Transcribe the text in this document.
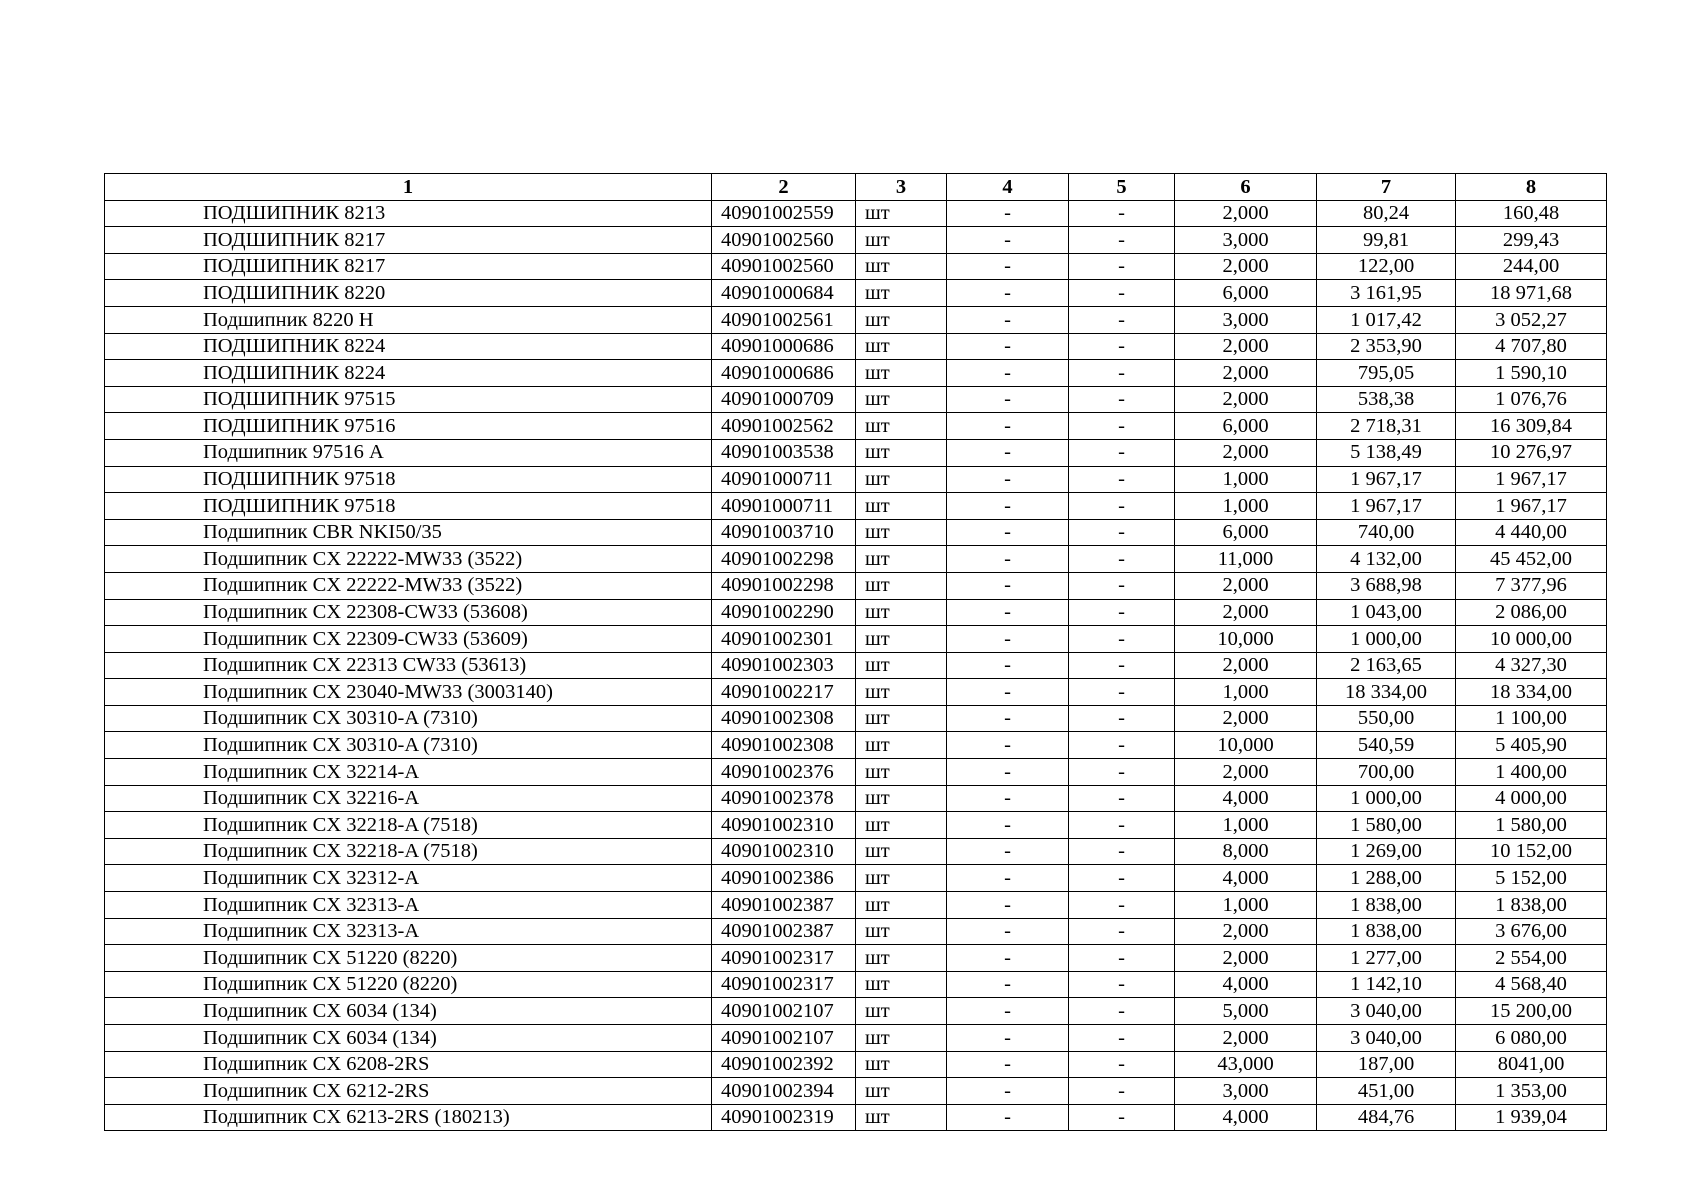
1	2	3	4	5	6	7	8
ПОДШИПНИК 8213	40901002559	шт	-	-	2,000	80,24	160,48
ПОДШИПНИК 8217	40901002560	шт	-	-	3,000	99,81	299,43
ПОДШИПНИК 8217	40901002560	шт	-	-	2,000	122,00	244,00
ПОДШИПНИК 8220	40901000684	шт	-	-	6,000	3 161,95	18 971,68
Подшипник 8220 Н	40901002561	шт	-	-	3,000	1 017,42	3 052,27
ПОДШИПНИК 8224	40901000686	шт	-	-	2,000	2 353,90	4 707,80
ПОДШИПНИК 8224	40901000686	шт	-	-	2,000	795,05	1 590,10
ПОДШИПНИК 97515	40901000709	шт	-	-	2,000	538,38	1 076,76
ПОДШИПНИК 97516	40901002562	шт	-	-	6,000	2 718,31	16 309,84
Подшипник 97516 А	40901003538	шт	-	-	2,000	5 138,49	10 276,97
ПОДШИПНИК 97518	40901000711	шт	-	-	1,000	1 967,17	1 967,17
ПОДШИПНИК 97518	40901000711	шт	-	-	1,000	1 967,17	1 967,17
Подшипник CBR NKI50/35	40901003710	шт	-	-	6,000	740,00	4 440,00
Подшипник CX 22222-MW33 (3522)	40901002298	шт	-	-	11,000	4 132,00	45 452,00
Подшипник CX 22222-MW33 (3522)	40901002298	шт	-	-	2,000	3 688,98	7 377,96
Подшипник CX 22308-CW33 (53608)	40901002290	шт	-	-	2,000	1 043,00	2 086,00
Подшипник CX 22309-CW33 (53609)	40901002301	шт	-	-	10,000	1 000,00	10 000,00
Подшипник CX 22313 CW33 (53613)	40901002303	шт	-	-	2,000	2 163,65	4 327,30
Подшипник CX 23040-MW33 (3003140)	40901002217	шт	-	-	1,000	18 334,00	18 334,00
Подшипник CX 30310-A (7310)	40901002308	шт	-	-	2,000	550,00	1 100,00
Подшипник CX 30310-A (7310)	40901002308	шт	-	-	10,000	540,59	5 405,90
Подшипник CX 32214-A	40901002376	шт	-	-	2,000	700,00	1 400,00
Подшипник CX 32216-A	40901002378	шт	-	-	4,000	1 000,00	4 000,00
Подшипник CX 32218-A (7518)	40901002310	шт	-	-	1,000	1 580,00	1 580,00
Подшипник CX 32218-A (7518)	40901002310	шт	-	-	8,000	1 269,00	10 152,00
Подшипник CX 32312-A	40901002386	шт	-	-	4,000	1 288,00	5 152,00
Подшипник CX 32313-A	40901002387	шт	-	-	1,000	1 838,00	1 838,00
Подшипник CX 32313-A	40901002387	шт	-	-	2,000	1 838,00	3 676,00
Подшипник CX 51220 (8220)	40901002317	шт	-	-	2,000	1 277,00	2 554,00
Подшипник CX 51220 (8220)	40901002317	шт	-	-	4,000	1 142,10	4 568,40
Подшипник CX 6034 (134)	40901002107	шт	-	-	5,000	3 040,00	15 200,00
Подшипник CX 6034 (134)	40901002107	шт	-	-	2,000	3 040,00	6 080,00
Подшипник CX 6208-2RS	40901002392	шт	-	-	43,000	187,00	8041,00
Подшипник CX 6212-2RS	40901002394	шт	-	-	3,000	451,00	1 353,00
Подшипник CX 6213-2RS (180213)	40901002319	шт	-	-	4,000	484,76	1 939,04
